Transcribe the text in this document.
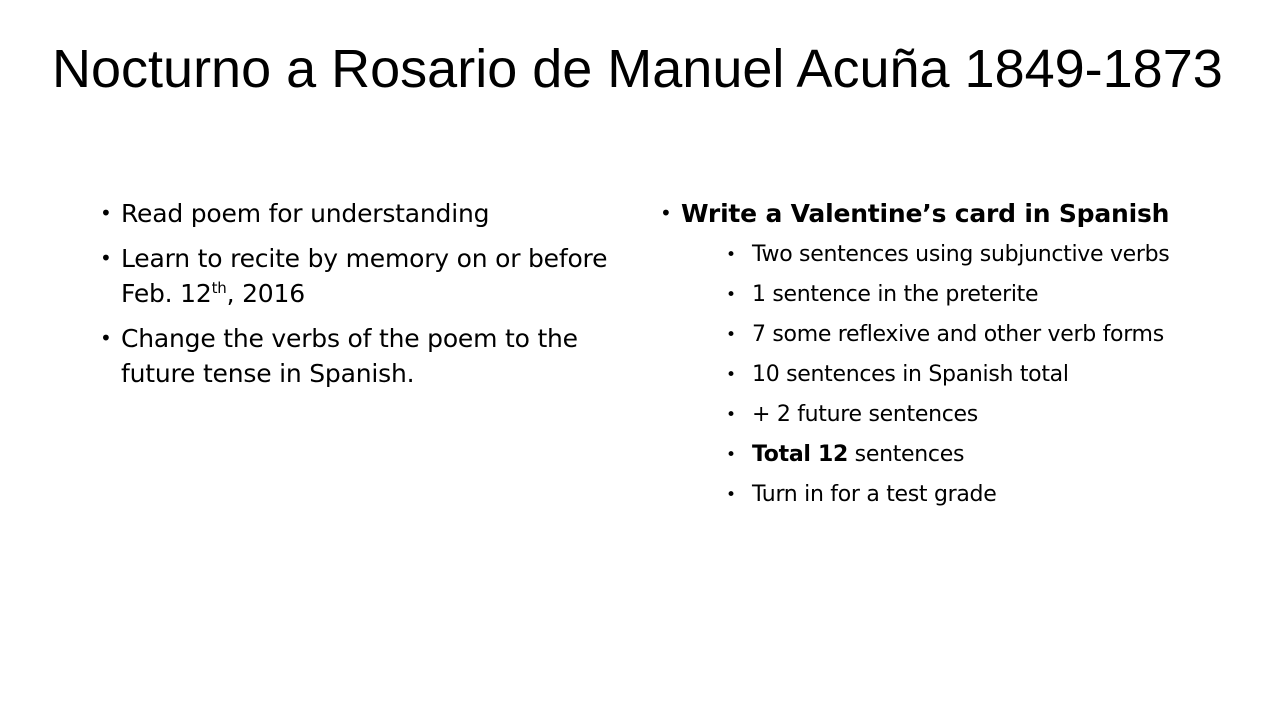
Nocturno a Rosario de Manuel Acuña 1849-1873
• Read poem for understanding
• Learn to recite by memory on or before Feb. 12th, 2016
• Change the verbs of the poem to the future tense in Spanish.
• Write a Valentine’s card in Spanish
• Two sentences using subjunctive verbs
• 1 sentence in the preterite
• 7 some reflexive and other verb forms
• 10 sentences in Spanish total
• + 2 future sentences
• Total 12 sentences
• Turn in for a test grade
